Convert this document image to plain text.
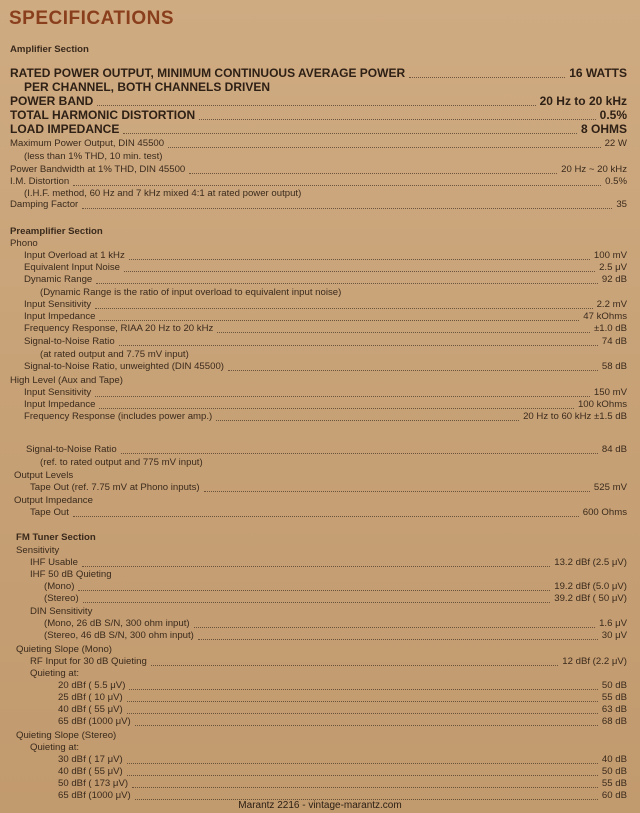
SPECIFICATIONS
Amplifier Section
RATED POWER OUTPUT, MINIMUM CONTINUOUS AVERAGE POWER	16 WATTS
PER CHANNEL, BOTH CHANNELS DRIVEN
POWER BAND	20 Hz to 20 kHz
TOTAL HARMONIC DISTORTION	0.5%
LOAD IMPEDANCE	8 OHMS
Maximum Power Output, DIN 45500	22 W
(less than 1% THD, 10 min. test)
Power Bandwidth at 1% THD, DIN 45500	20 Hz ~ 20 kHz
I.M. Distortion	0.5%
(I.H.F. method, 60 Hz and 7 kHz mixed 4:1 at rated power output)
Damping Factor	35
Preamplifier Section
Phono
Input Overload at 1 kHz	100 mV
Equivalent Input Noise	2.5 μV
Dynamic Range	92 dB
(Dynamic Range is the ratio of input overload to equivalent input noise)
Input Sensitivity	2.2 mV
Input Impedance	47 kOhms
Frequency Response, RIAA 20 Hz to 20 kHz	±1.0 dB
Signal-to-Noise Ratio	74 dB
(at rated output and 7.75 mV input)
Signal-to-Noise Ratio, unweighted (DIN 45500)	58 dB
High Level (Aux and Tape)
Input Sensitivity	150 mV
Input Impedance	100 kOhms
Frequency Response (includes power amp.)	20 Hz to 60 kHz ±1.5 dB
Signal-to-Noise Ratio	84 dB
(ref. to rated output and 775 mV input)
Output Levels
Tape Out (ref. 7.75 mV at Phono inputs)	525 mV
Output Impedance
Tape Out	600 Ohms
FM Tuner Section
Sensitivity
IHF Usable	13.2 dBf (2.5 μV)
IHF 50 dB Quieting
(Mono)	19.2 dBf (5.0 μV)
(Stereo)	39.2 dBf ( 50 μV)
DIN Sensitivity
(Mono, 26 dB S/N, 300 ohm input)	1.6 μV
(Stereo, 46 dB S/N, 300 ohm input)	30 μV
Quieting Slope (Mono)
RF Input for 30 dB Quieting	12 dBf (2.2 μV)
Quieting at:
20 dBf ( 5.5 μV)	50 dB
25 dBf ( 10 μV)	55 dB
40 dBf ( 55 μV)	63 dB
65 dBf (1000 μV)	68 dB
Quieting Slope (Stereo)
Quieting at:
30 dBf ( 17 μV)	40 dB
40 dBf ( 55 μV)	50 dB
50 dBf ( 173 μV)	55 dB
65 dBf (1000 μV)	60 dB
Marantz 2216 - vintage-marantz.com
